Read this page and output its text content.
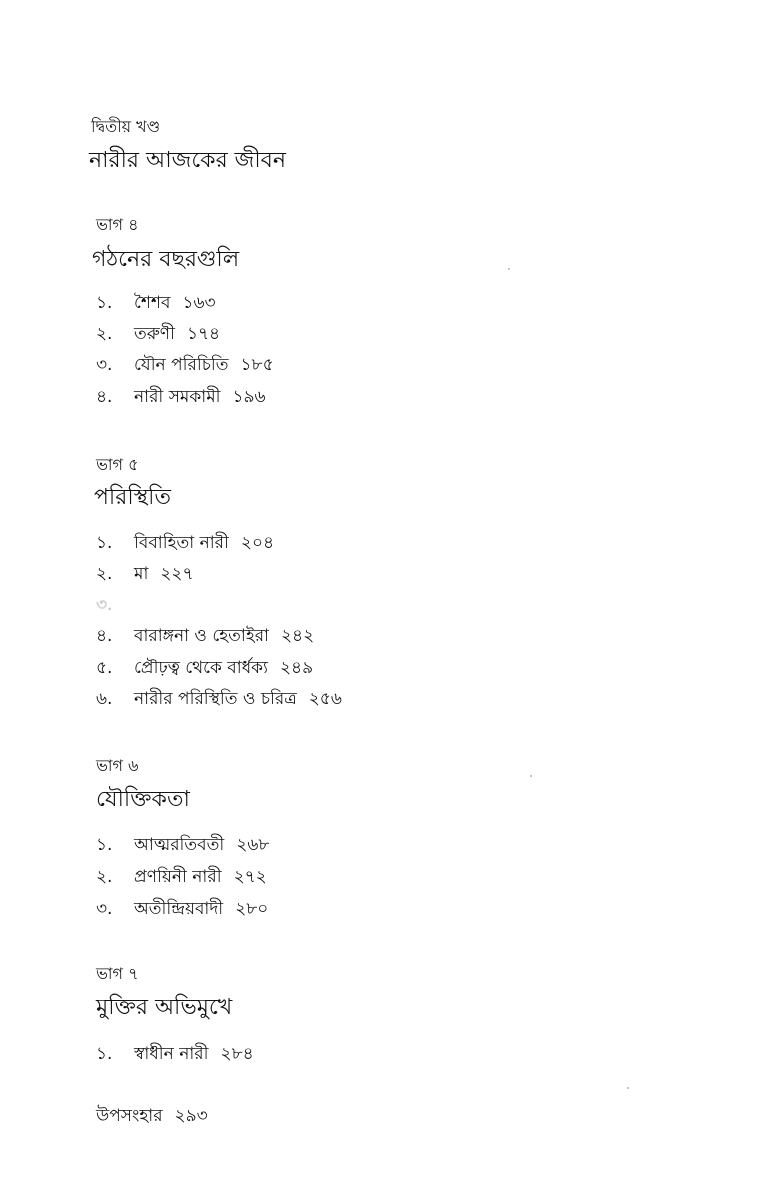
দ্বিতীয় খণ্ড
নারীর আজকের জীবন
ভাগ ৪
গঠনের বছরগুলি
১.	শৈশব ১৬৩
২.	তরুণী ১৭৪
৩.	যৌন পরিচিতি ১৮৫
৪.	নারী সমকামী ১৯৬
ভাগ ৫
পরিস্থিতি
১.	বিবাহিতা নারী ২০৪
২.	মা ২২৭
৩.
৪.	বারাঙ্গনা ও হেতাইরা ২৪২
৫.	প্রৌঢ়ত্ব থেকে বার্ধক্য ২৪৯
৬.	নারীর পরিস্থিতি ও চরিত্র ২৫৬
ভাগ ৬
যৌক্তিকতা
১.	আত্মরতিবতী ২৬৮
২.	প্রণয়িনী নারী ২৭২
৩.	অতীন্দ্রিয়বাদী ২৮০
ভাগ ৭
মুক্তির অভিমুখে
১.	স্বাধীন নারী ২৮৪
উপসংহার ২৯৩
